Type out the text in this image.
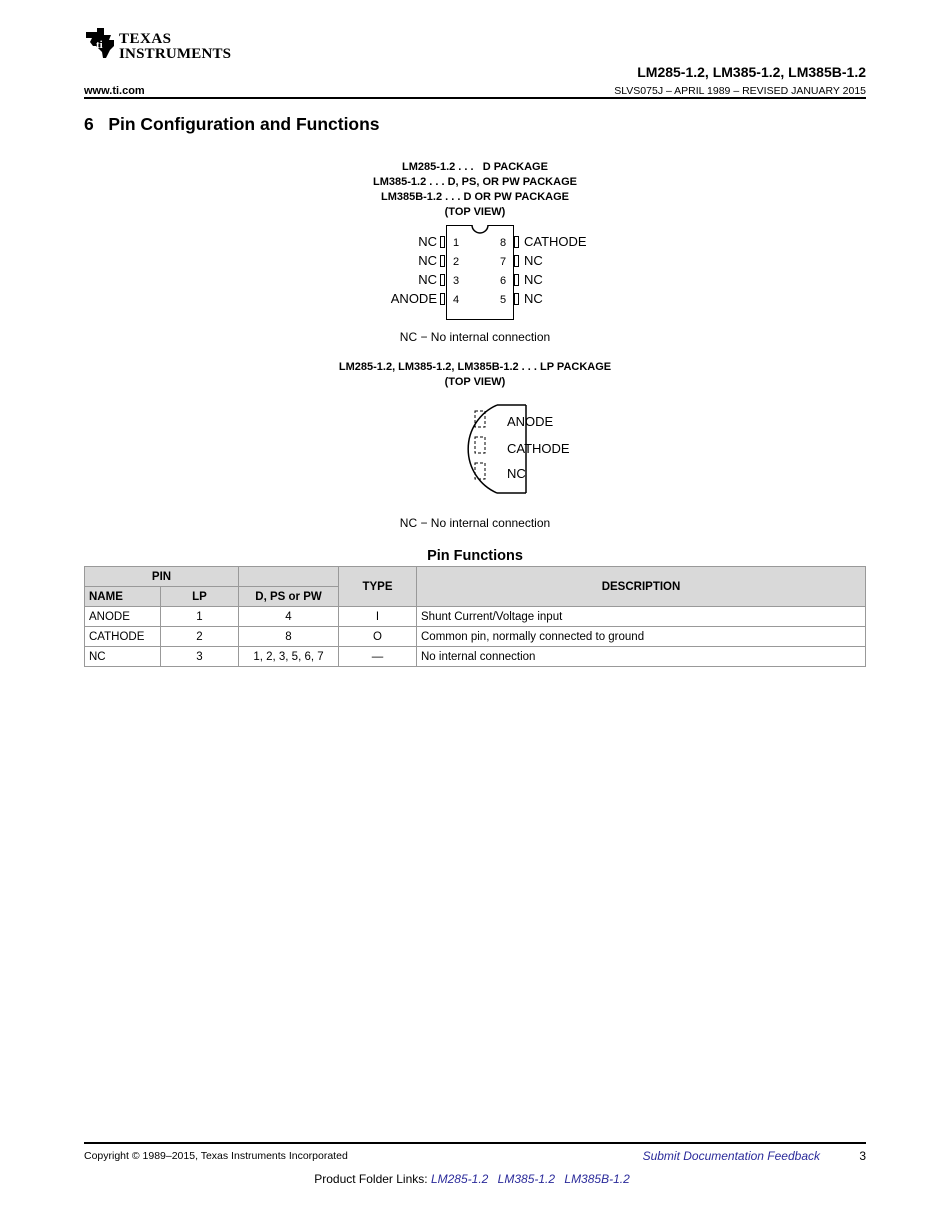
ti TEXAS
INSTRUMENTS
LM285-1.2, LM385-1.2, LM385B-1.2
www.ti.com	SLVS075J – APRIL 1989 – REVISED JANUARY 2015
6   Pin Configuration and Functions
LM285-1.2 . . .   D PACKAGE
LM385-1.2 . . . D, PS, OR PW PACKAGE
LM385B-1.2 . . . D OR PW PACKAGE
(TOP VIEW)
NC
NC
NC
ANODE
1
2
3
4
8
7
6
5
CATHODE
NC
NC
NC
NC − No internal connection
LM285-1.2, LM385-1.2, LM385B-1.2 . . . LP PACKAGE
(TOP VIEW)
ANODE
CATHODE
NC
NC − No internal connection
Pin Functions
PIN			TYPE	DESCRIPTION
NAME	LP	D, PS or PW		
ANODE	1	4	I	Shunt Current/Voltage input
CATHODE	2	8	O	Common pin, normally connected to ground
NC	3	1, 2, 3, 5, 6, 7	—	No internal connection
Copyright © 1989–2015, Texas Instruments Incorporated	Submit Documentation Feedback	3
Product Folder Links: LM285-1.2 LM385-1.2 LM385B-1.2
